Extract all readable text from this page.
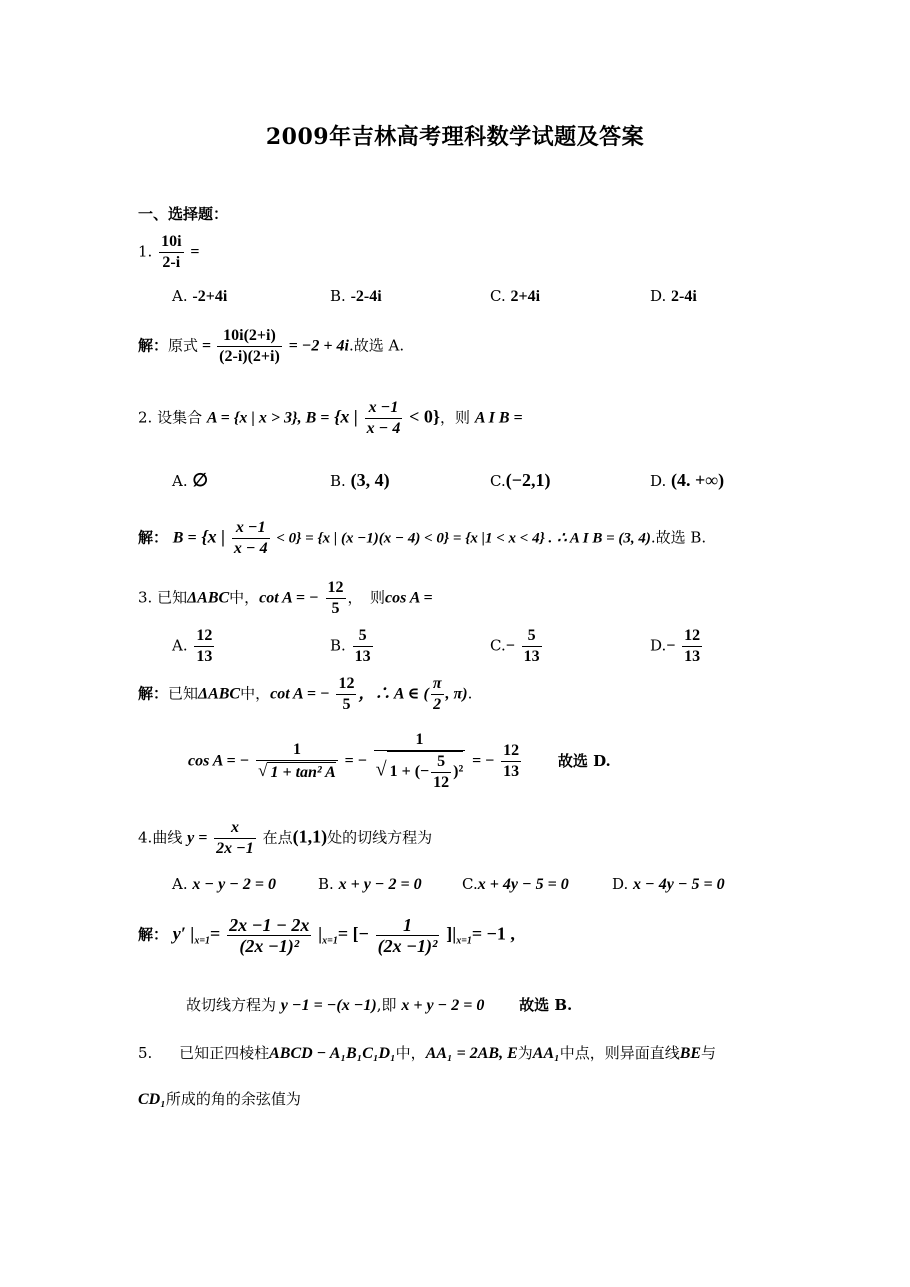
2009年吉林高考理科数学试题及答案
一、选择题：
1. $\frac{10i}{2-i}$ =
A. -2+4i	B. -2-4i	C. 2+4i	D. 2-4i
解：原式 = $\frac{10i(2+i)}{(2-i)(2+i)} = -2 + 4i$.故选 A.
2. 设集合 A = {x | x > 3}, B = {x | $\frac{x -1}{x - 4} < 0$}，则 A I B =
A. ∅	B. (3, 4)	C.(−2,1)	D. (4. +∞)
解： B = {x | $\frac{x -1}{x - 4} < 0\} = \{x$ | (x −1)(x − 4) < 0} = {x |1 < x < 4} . ∴ A I B = (3, 4).故选 B.
3. 已知ΔABC中，cot A = − $\frac{12}{5}$ ，　则cos A =
A. $\frac{12}{13}$	B. $\frac{5}{13}$	$C.- \frac{5}{13}$	$D.- \frac{12}{13}$
解：已知ΔABC中，cot A = − $\frac{12}{5}$ ，∴ A ∈ ( $\frac{\pi}{2}$ , π).
cos A = − $\frac{1}{\text{√ 1 + tan² A}}$ = − $\frac{1}{√ 1 + (- \frac{5}{12} )^2}$ = − $\frac{12}{13}$ 故选 D.
4.曲线 $y = \frac{x}{2x -1}$ 在点(1,1)处的切线方程为
A. x − y − 2 = 0	B. x + y − 2 = 0	C.x + 4y − 5 = 0	D. x − 4y − 5 = 0
解： y′ $|_{x=1}= \frac{2x -1 - 2x}{\text{(2x −1)²}} |_{x=1}=$ [− $\frac{1}{\text{(2x −1)²}} ]|_{x=1}= -1$ ,
故切线方程为 y −1 = −(x −1),即 x + y − 2 = 0 故选 B.
5. 已知正四棱柱ABCD − A₁B₁C₁D₁中，AA₁ = 2AB, E为AA₁中点，则异面直线BE与
CD₁所成的角的余弦值为
